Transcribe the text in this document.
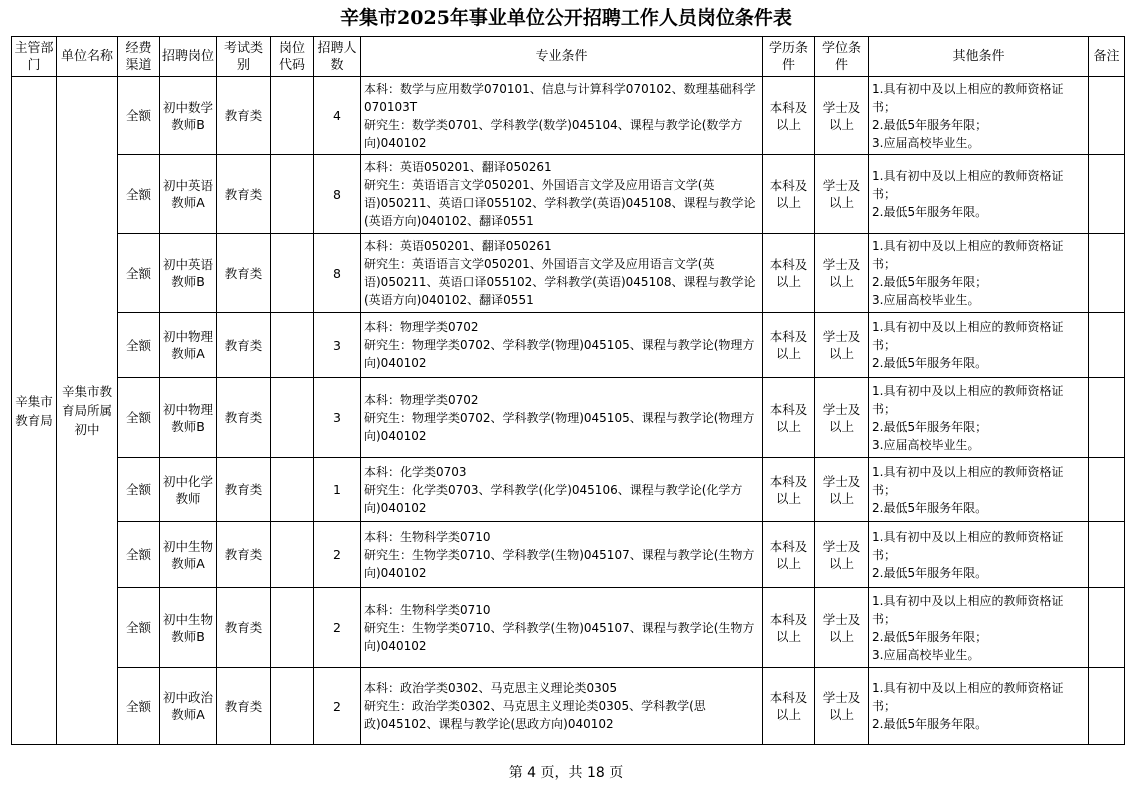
辛集市2025年事业单位公开招聘工作人员岗位条件表
主管部门	单位名称	经费渠道	招聘岗位	考试类别	岗位代码	招聘人数	专业条件	学历条件	学位条件	其他条件	备注
辛集市教育局	辛集市教育局所属初中	全额	初中数学教师B	教育类		4	本科：数学与应用数学070101、信息与计算科学070102、数理基础科学070103T
研究生：数学类0701、学科教学(数学)045104、课程与教学论(数学方向)040102	本科及以上	学士及以上	1.具有初中及以上相应的教师资格证书；
2.最低5年服务年限；
3.应届高校毕业生。	
		全额	初中英语教师A	教育类		8	本科：英语050201、翻译050261
研究生：英语语言文学050201、外国语言文学及应用语言文学(英语)050211、英语口译055102、学科教学(英语)045108、课程与教学论(英语方向)040102、翻译0551	本科及以上	学士及以上	1.具有初中及以上相应的教师资格证书；
2.最低5年服务年限。	
		全额	初中英语教师B	教育类		8	本科：英语050201、翻译050261
研究生：英语语言文学050201、外国语言文学及应用语言文学(英语)050211、英语口译055102、学科教学(英语)045108、课程与教学论(英语方向)040102、翻译0551	本科及以上	学士及以上	1.具有初中及以上相应的教师资格证书；
2.最低5年服务年限；
3.应届高校毕业生。	
		全额	初中物理教师A	教育类		3	本科：物理学类0702
研究生：物理学类0702、学科教学(物理)045105、课程与教学论(物理方向)040102	本科及以上	学士及以上	1.具有初中及以上相应的教师资格证书；
2.最低5年服务年限。	
		全额	初中物理教师B	教育类		3	本科：物理学类0702
研究生：物理学类0702、学科教学(物理)045105、课程与教学论(物理方向)040102	本科及以上	学士及以上	1.具有初中及以上相应的教师资格证书；
2.最低5年服务年限；
3.应届高校毕业生。	
		全额	初中化学教师	教育类		1	本科：化学类0703
研究生：化学类0703、学科教学(化学)045106、课程与教学论(化学方向)040102	本科及以上	学士及以上	1.具有初中及以上相应的教师资格证书；
2.最低5年服务年限。	
		全额	初中生物教师A	教育类		2	本科：生物科学类0710
研究生：生物学类0710、学科教学(生物)045107、课程与教学论(生物方向)040102	本科及以上	学士及以上	1.具有初中及以上相应的教师资格证书；
2.最低5年服务年限。	
		全额	初中生物教师B	教育类		2	本科：生物科学类0710
研究生：生物学类0710、学科教学(生物)045107、课程与教学论(生物方向)040102	本科及以上	学士及以上	1.具有初中及以上相应的教师资格证书；
2.最低5年服务年限；
3.应届高校毕业生。	
		全额	初中政治教师A	教育类		2	本科：政治学类0302、马克思主义理论类0305
研究生：政治学类0302、马克思主义理论类0305、学科教学(思政)045102、课程与教学论(思政方向)040102	本科及以上	学士及以上	1.具有初中及以上相应的教师资格证书；
2.最低5年服务年限。	
第 4 页，共 18 页
